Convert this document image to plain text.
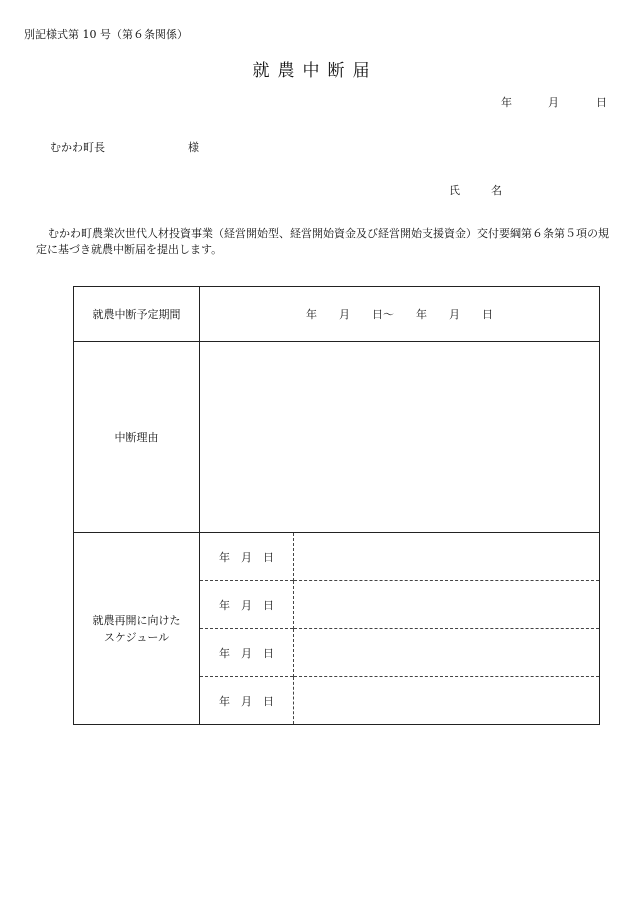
別記様式第 10 号（第６条関係）
就農中断届
年	月	日
むかわ町長	様
氏　名
むかわ町農業次世代人材投資事業（経営開始型、経営開始資金及び経営開始支援資金）交付要綱第６条第５項の規定に基づき就農中断届を提出します。
就農中断予定期間	年　　月　　日〜　　年　　月　　日
中断理由	
就農再開に向けた
スケジュール	
年　月　日	
年　月　日	
年　月　日	
年　月　日	
